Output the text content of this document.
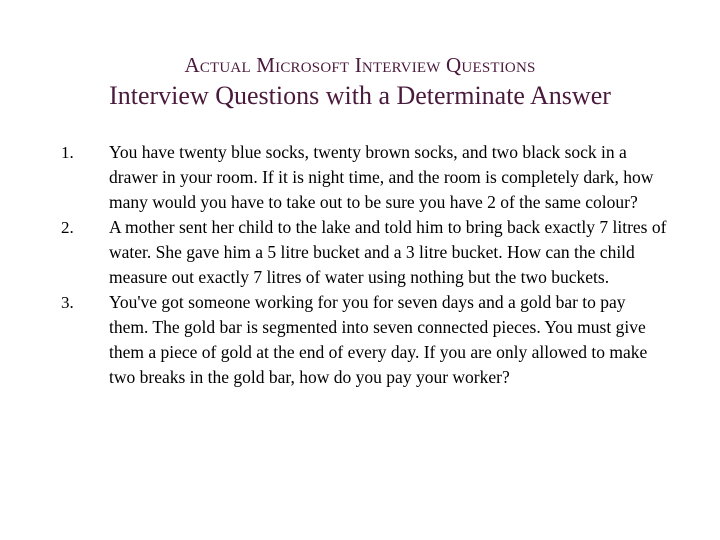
Actual Microsoft Interview Questions
Interview Questions with a Determinate Answer
1. You have twenty blue socks, twenty brown socks, and two black sock in a drawer in your room. If it is night time, and the room is completely dark, how many would you have to take out to be sure you have 2 of the same colour?
2. A mother sent her child to the lake and told him to bring back exactly 7 litres of water. She gave him a 5 litre bucket and a 3 litre bucket. How can the child measure out exactly 7 litres of water using nothing but the two buckets.
3. You've got someone working for you for seven days and a gold bar to pay them. The gold bar is segmented into seven connected pieces. You must give them a piece of gold at the end of every day. If you are only allowed to make two breaks in the gold bar, how do you pay your worker?
